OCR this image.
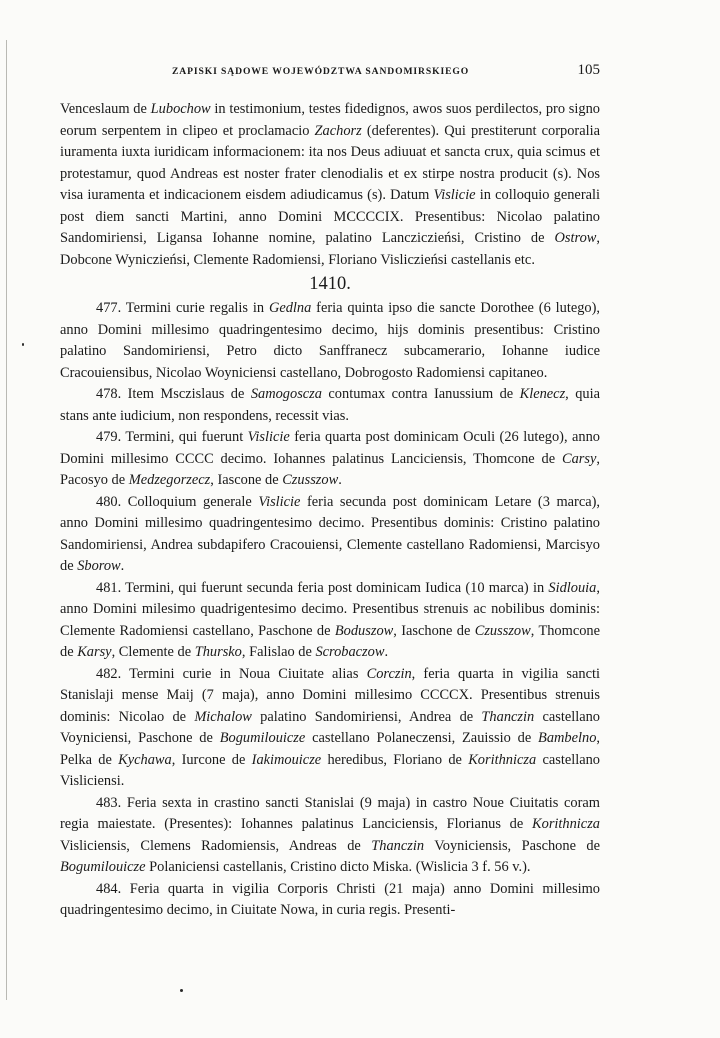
ZAPISKI SĄDOWE WOJEWÓDZTWA SANDOMIRSKIEGO	105

Venceslaum de Lubochow in testimonium, testes fidedignos, awos suos perdilectos, pro signo eorum serpentem in clipeo et proclamacio Zachorz (deferentes). Qui prestiterunt corporalia iuramenta iuxta iuridicam informacionem: ita nos Deus adiuuat et sancta crux, quia scimus et protestamur, quod Andreas est noster frater clenodialis et ex stirpe nostra producit (s). Nos visa iuramenta et indicacionem eisdem adiudicamus (s). Datum Vislicie in colloquio generali post diem sancti Martini, anno Domini MCCCCIX. Presentibus: Nicolao palatino Sandomiriensi, Ligansa Iohanne nomine, palatino Lancziczieńsi, Cristino de Ostrow, Dobcone Wyniczieńsi, Clemente Radomiensi, Floriano Visliczieńsi castellanis etc.

1410.

477. Termini curie regalis in Gedlna feria quinta ipso die sancte Dorothee (6 lutego), anno Domini millesimo quadringentesimo decimo, hijs dominis presentibus: Cristino palatino Sandomiriensi, Petro dicto Sanffranecz subcamerario, Iohanne iudice Cracouiensibus, Nicolao Woyniciensi castellano, Dobrogosto Radomiensi capitaneo.

478. Item Msczislaus de Samogoscza contumax contra Ianussium de Klenecz, quia stans ante iudicium, non respondens, recessit vias.

479. Termini, qui fuerunt Vislicie feria quarta post dominicam Oculi (26 lutego), anno Domini millesimo CCCC decimo. Iohannes palatinus Lanciciensis, Thomcone de Carsy, Pacosyo de Medzegorzecz, Iascone de Czusszow.

480. Colloquium generale Vislicie feria secunda post dominicam Letare (3 marca), anno Domini millesimo quadringentesimo decimo. Presentibus dominis: Cristino palatino Sandomiriensi, Andrea subdapifero Cracouiensi, Clemente castellano Radomiensi, Marcisyo de Sborow.

481. Termini, qui fuerunt secunda feria post dominicam Iudica (10 marca) in Sidlouia, anno Domini milesimo quadrigentesimo decimo. Presentibus strenuis ac nobilibus dominis: Clemente Radomiensi castellano, Paschone de Boduszow, Iaschone de Czusszow, Thomcone de Karsy, Clemente de Thursko, Falislao de Scrobaczow.

482. Termini curie in Noua Ciuitate alias Corczin, feria quarta in vigilia sancti Stanislaji mense Maij (7 maja), anno Domini millesimo CCCCX. Presentibus strenuis dominis: Nicolao de Michalow palatino Sandomiriensi, Andrea de Thanczin castellano Voyniciensi, Paschone de Bogumilouicze castellano Polaneczensi, Zauissio de Bambelno, Pelka de Kychawa, Iurcone de Iakimouicze heredibus, Floriano de Korithnicza castellano Visliciensi.

483. Feria sexta in crastino sancti Stanislai (9 maja) in castro Noue Ciuitatis coram regia maiestate. (Presentes): Iohannes palatinus Lanciciensis, Florianus de Korithnicza Visliciensis, Clemens Radomiensis, Andreas de Thanczin Voyniciensis, Paschone de Bogumilouicze Polaniciensi castellanis, Cristino dicto Miska. (Wislicia 3 f. 56 v.).

484. Feria quarta in vigilia Corporis Christi (21 maja) anno Domini millesimo quadringentesimo decimo, in Ciuitate Nowa, in curia regis. Presenti-
